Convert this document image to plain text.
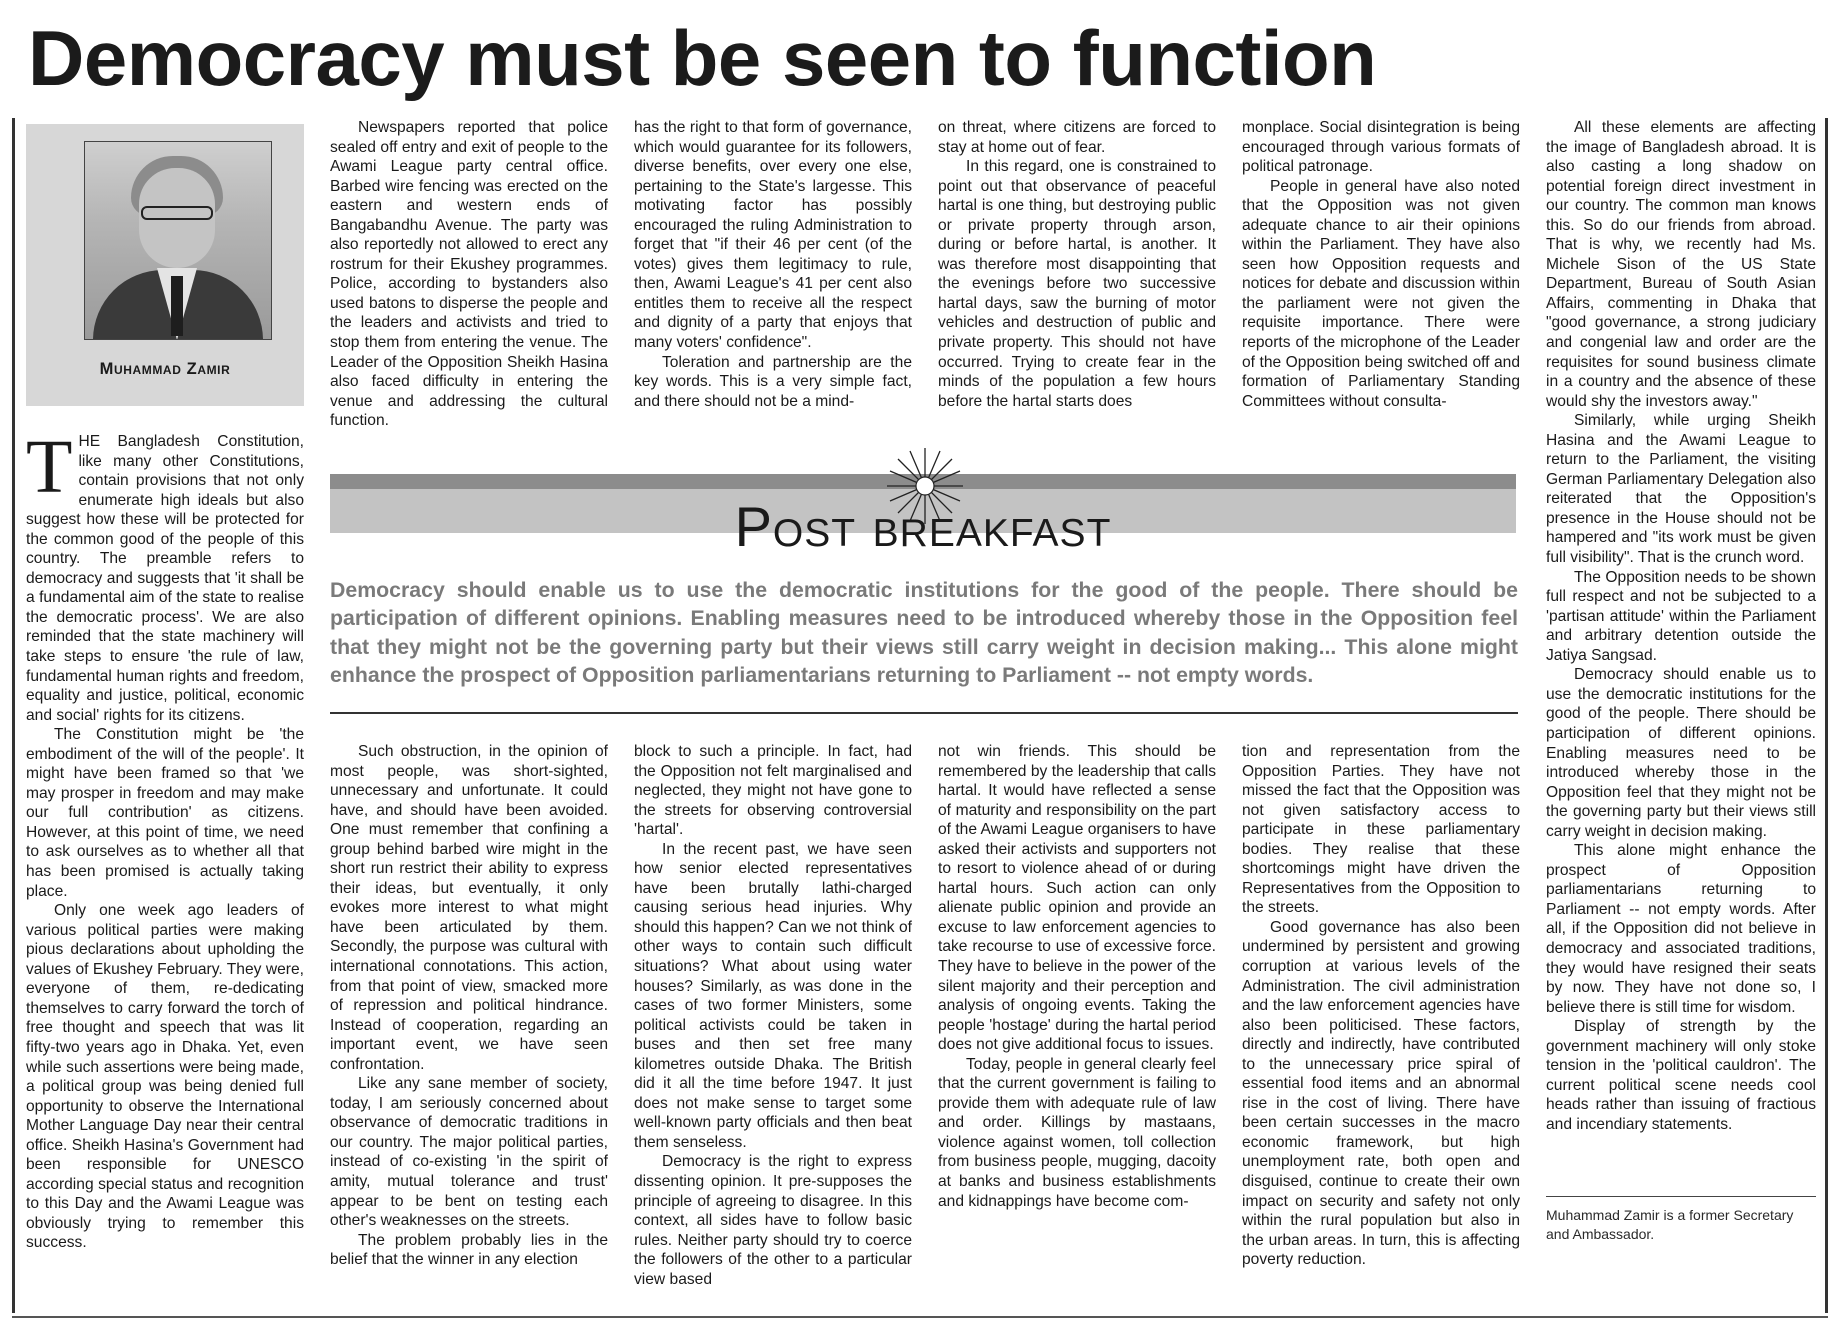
Democracy must be seen to function
Muhammad Zamir

THE Bangladesh Constitution, like many other Constitutions, contain provisions that not only enumerate high ideals but also suggest how these will be protected for the common good of the people of this country. The preamble refers to democracy and suggests that 'it shall be a fundamental aim of the state to realise the democratic process'. We are also reminded that the state machinery will take steps to ensure 'the rule of law, fundamental human rights and freedom, equality and justice, political, economic and social' rights for its citizens.

The Constitution might be 'the embodiment of the will of the people'. It might have been framed so that 'we may prosper in freedom and may make our full contribution' as citizens. However, at this point of time, we need to ask ourselves as to whether all that has been promised is actually taking place.

Only one week ago leaders of various political parties were making pious declarations about upholding the values of Ekushey February. They were, everyone of them, re-dedicating themselves to carry forward the torch of free thought and speech that was lit fifty-two years ago in Dhaka. Yet, even while such assertions were being made, a political group was being denied full opportunity to observe the International Mother Language Day near their central office. Sheikh Hasina's Government had been responsible for UNESCO according special status and recognition to this Day and the Awami League was obviously trying to remember this success.

Newspapers reported that police sealed off entry and exit of people to the Awami League party central office. Barbed wire fencing was erected on the eastern and western ends of Bangabandhu Avenue. The party was also reportedly not allowed to erect any rostrum for their Ekushey programmes. Police, according to bystanders also used batons to disperse the people and the leaders and activists and tried to stop them from entering the venue. The Leader of the Opposition Sheikh Hasina also faced difficulty in entering the venue and addressing the cultural function.

has the right to that form of governance, which would guarantee for its followers, diverse benefits, over every one else, pertaining to the State's largesse. This motivating factor has possibly encouraged the ruling Administration to forget that "if their 46 per cent (of the votes) gives them legitimacy to rule, then, Awami League's 41 per cent also entitles them to receive all the respect and dignity of a party that enjoys that many voters' confidence".

Toleration and partnership are the key words. This is a very simple fact, and there should not be a mind-

on threat, where citizens are forced to stay at home out of fear.

In this regard, one is constrained to point out that observance of peaceful hartal is one thing, but destroying public or private property through arson, during or before hartal, is another. It was therefore most disappointing that the evenings before two successive hartal days, saw the burning of motor vehicles and destruction of public and private property. This should not have occurred. Trying to create fear in the minds of the population a few hours before the hartal starts does

monplace. Social disintegration is being encouraged through various formats of political patronage.

People in general have also noted that the Opposition was not given adequate chance to air their opinions within the Parliament. They have also seen how Opposition requests and notices for debate and discussion within the parliament were not given the requisite importance. There were reports of the microphone of the Leader of the Opposition being switched off and formation of Parliamentary Standing Committees without consulta-

All these elements are affecting the image of Bangladesh abroad. It is also casting a long shadow on potential foreign direct investment in our country. The common man knows this. So do our friends from abroad. That is why, we recently had Ms. Michele Sison of the US State Department, Bureau of South Asian Affairs, commenting in Dhaka that "good governance, a strong judiciary and congenial law and order are the requisites for sound business climate in a country and the absence of these would shy the investors away."

Similarly, while urging Sheikh Hasina and the Awami League to return to the Parliament, the visiting German Parliamentary Delegation also reiterated that the Opposition's presence in the House should not be hampered and "its work must be given full visibility". That is the crunch word.

The Opposition needs to be shown full respect and not be subjected to a 'partisan attitude' within the Parliament and arbitrary detention outside the Jatiya Sangsad.

Democracy should enable us to use the democratic institutions for the good of the people. There should be participation of different opinions. Enabling measures need to be introduced whereby those in the Opposition feel that they might not be the governing party but their views still carry weight in decision making.

This alone might enhance the prospect of Opposition parliamentarians returning to Parliament -- not empty words. After all, if the Opposition did not believe in democracy and associated traditions, they would have resigned their seats by now. They have not done so, I believe there is still time for wisdom.

Display of strength by the government machinery will only stoke tension in the 'political cauldron'. The current political scene needs cool heads rather than issuing of fractious and incendiary statements.

Post breakfast
Democracy should enable us to use the democratic institutions for the good of the people. There should be participation of different opinions. Enabling measures need to be introduced whereby those in the Opposition feel that they might not be the governing party but their views still carry weight in decision making... This alone might enhance the prospect of Opposition parliamentarians returning to Parliament -- not empty words.

Such obstruction, in the opinion of most people, was short-sighted, unnecessary and unfortunate. It could have, and should have been avoided. One must remember that confining a group behind barbed wire might in the short run restrict their ability to express their ideas, but eventually, it only evokes more interest to what might have been articulated by them. Secondly, the purpose was cultural with international connotations. This action, from that point of view, smacked more of repression and political hindrance. Instead of cooperation, regarding an important event, we have seen confrontation.

Like any sane member of society, today, I am seriously concerned about observance of democratic traditions in our country. The major political parties, instead of co-existing 'in the spirit of amity, mutual tolerance and trust' appear to be bent on testing each other's weaknesses on the streets.

The problem probably lies in the belief that the winner in any election

block to such a principle. In fact, had the Opposition not felt marginalised and neglected, they might not have gone to the streets for observing controversial 'hartal'.

In the recent past, we have seen how senior elected representatives have been brutally lathi-charged causing serious head injuries. Why should this happen? Can we not think of other ways to contain such difficult situations? What about using water houses? Similarly, as was done in the cases of two former Ministers, some political activists could be taken in buses and then set free many kilometres outside Dhaka. The British did it all the time before 1947. It just does not make sense to target some well-known party officials and then beat them senseless.

Democracy is the right to express dissenting opinion. It pre-supposes the principle of agreeing to disagree. In this context, all sides have to follow basic rules. Neither party should try to coerce the followers of the other to a particular view based

not win friends. This should be remembered by the leadership that calls hartal. It would have reflected a sense of maturity and responsibility on the part of the Awami League organisers to have asked their activists and supporters not to resort to violence ahead of or during hartal hours. Such action can only alienate public opinion and provide an excuse to law enforcement agencies to take recourse to use of excessive force. They have to believe in the power of the silent majority and their perception and analysis of ongoing events. Taking the people 'hostage' during the hartal period does not give additional focus to issues.

Today, people in general clearly feel that the current government is failing to provide them with adequate rule of law and order. Killings by mastaans, violence against women, toll collection from business people, mugging, dacoity at banks and business establishments and kidnappings have become com-

tion and representation from the Opposition Parties. They have not missed the fact that the Opposition was not given satisfactory access to participate in these parliamentary bodies. They realise that these shortcomings might have driven the Representatives from the Opposition to the streets.

Good governance has also been undermined by persistent and growing corruption at various levels of the Administration. The civil administration and the law enforcement agencies have also been politicised. These factors, directly and indirectly, have contributed to the unnecessary price spiral of essential food items and an abnormal rise in the cost of living. There have been certain successes in the macro economic framework, but high unemployment rate, both open and disguised, continue to create their own impact on security and safety not only within the rural population but also in the urban areas. In turn, this is affecting poverty reduction.

Muhammad Zamir is a former Secretary and Ambassador.
